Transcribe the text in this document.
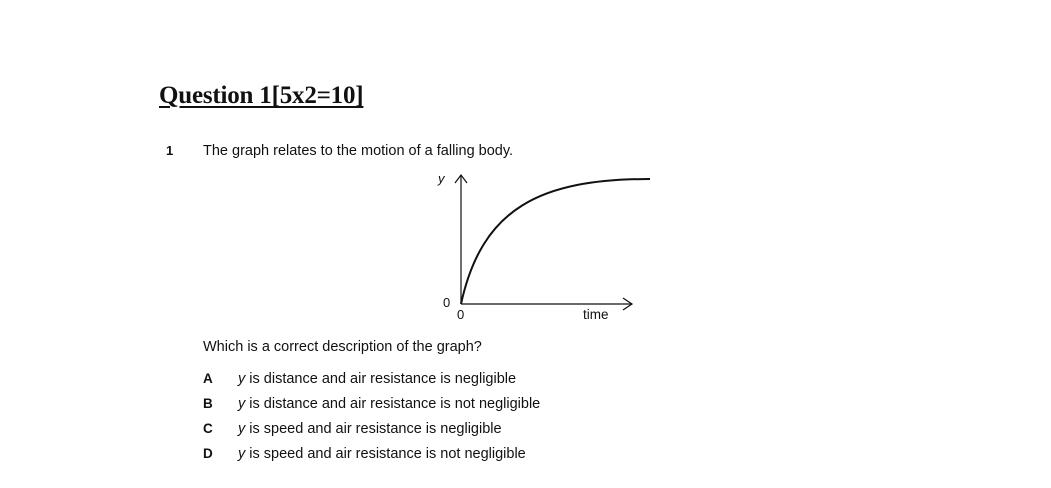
Question 1[5x2=10]
1 The graph relates to the motion of a falling body.
y
0
0	time
Which is a correct description of the graph?
A y is distance and air resistance is negligible
B y is distance and air resistance is not negligible
C y is speed and air resistance is negligible
D y is speed and air resistance is not negligible
